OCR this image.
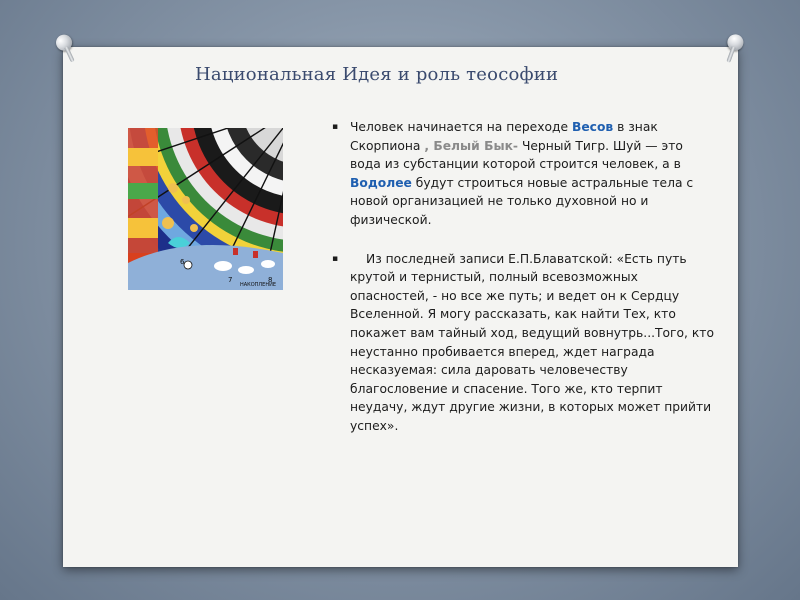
Национальная Идея и роль теософии
6
7	8
НАКОПЛЕНИЕ

▪ Человек начинается на переходе Весов в знак Скорпиона , Белый Бык- Черный Тигр. Шуй — это вода из субстанции которой строится человек, а в Водолее будут строиться новые астральные тела с новой организацией не только духовной но и физической.

▪ Из последней записи Е.П.Блаватской: «Есть путь крутой и тернистый, полный всевозможных опасностей, - но все же путь; и ведет он к Сердцу Вселенной. Я могу рассказать, как найти Тех, кто покажет вам тайный ход, ведущий вовнутрь...Того, кто неустанно пробивается вперед, ждет награда несказуемая: сила даровать человечеству благословение и спасение. Того же, кто терпит неудачу, ждут другие жизни, в которых может прийти успех».
